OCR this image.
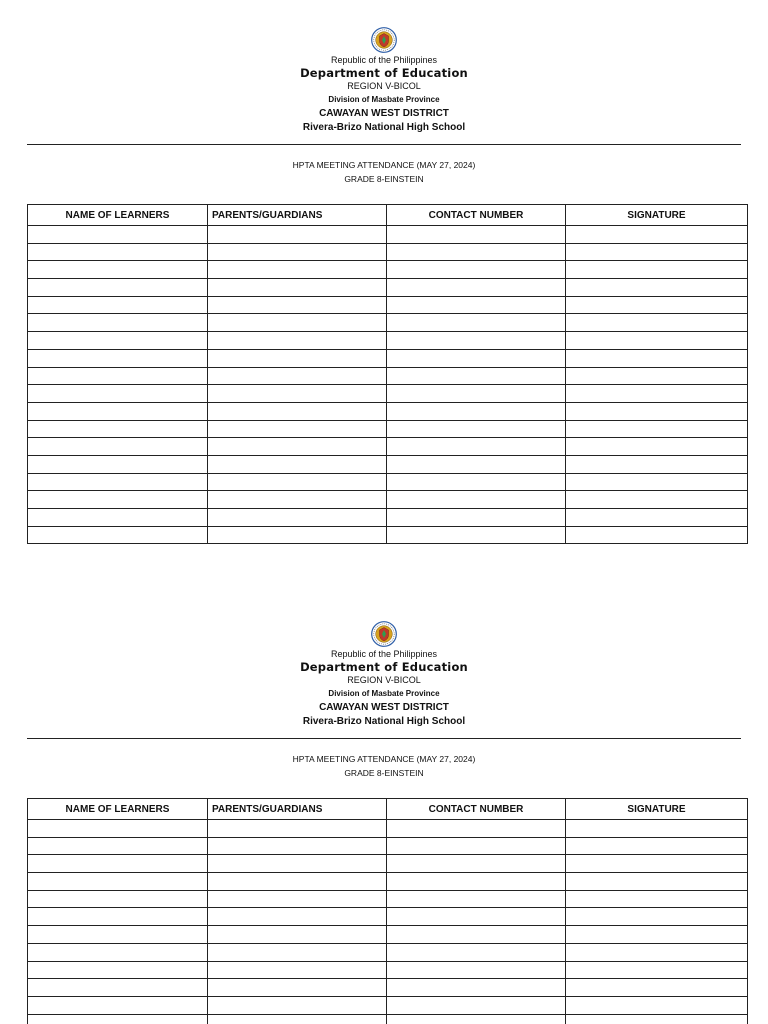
Republic of the Philippines
Department of Education
REGION V-BICOL
Division of Masbate Province
CAWAYAN WEST DISTRICT
Rivera-Brizo National High School
HPTA MEETING ATTENDANCE (MAY 27, 2024)
GRADE 8-EINSTEIN
NAME OF LEARNERS	PARENTS/GUARDIANS	CONTACT NUMBER	SIGNATURE

Republic of the Philippines
Department of Education
REGION V-BICOL
Division of Masbate Province
CAWAYAN WEST DISTRICT
Rivera-Brizo National High School
HPTA MEETING ATTENDANCE (MAY 27, 2024)
GRADE 8-EINSTEIN
NAME OF LEARNERS	PARENTS/GUARDIANS	CONTACT NUMBER	SIGNATURE
